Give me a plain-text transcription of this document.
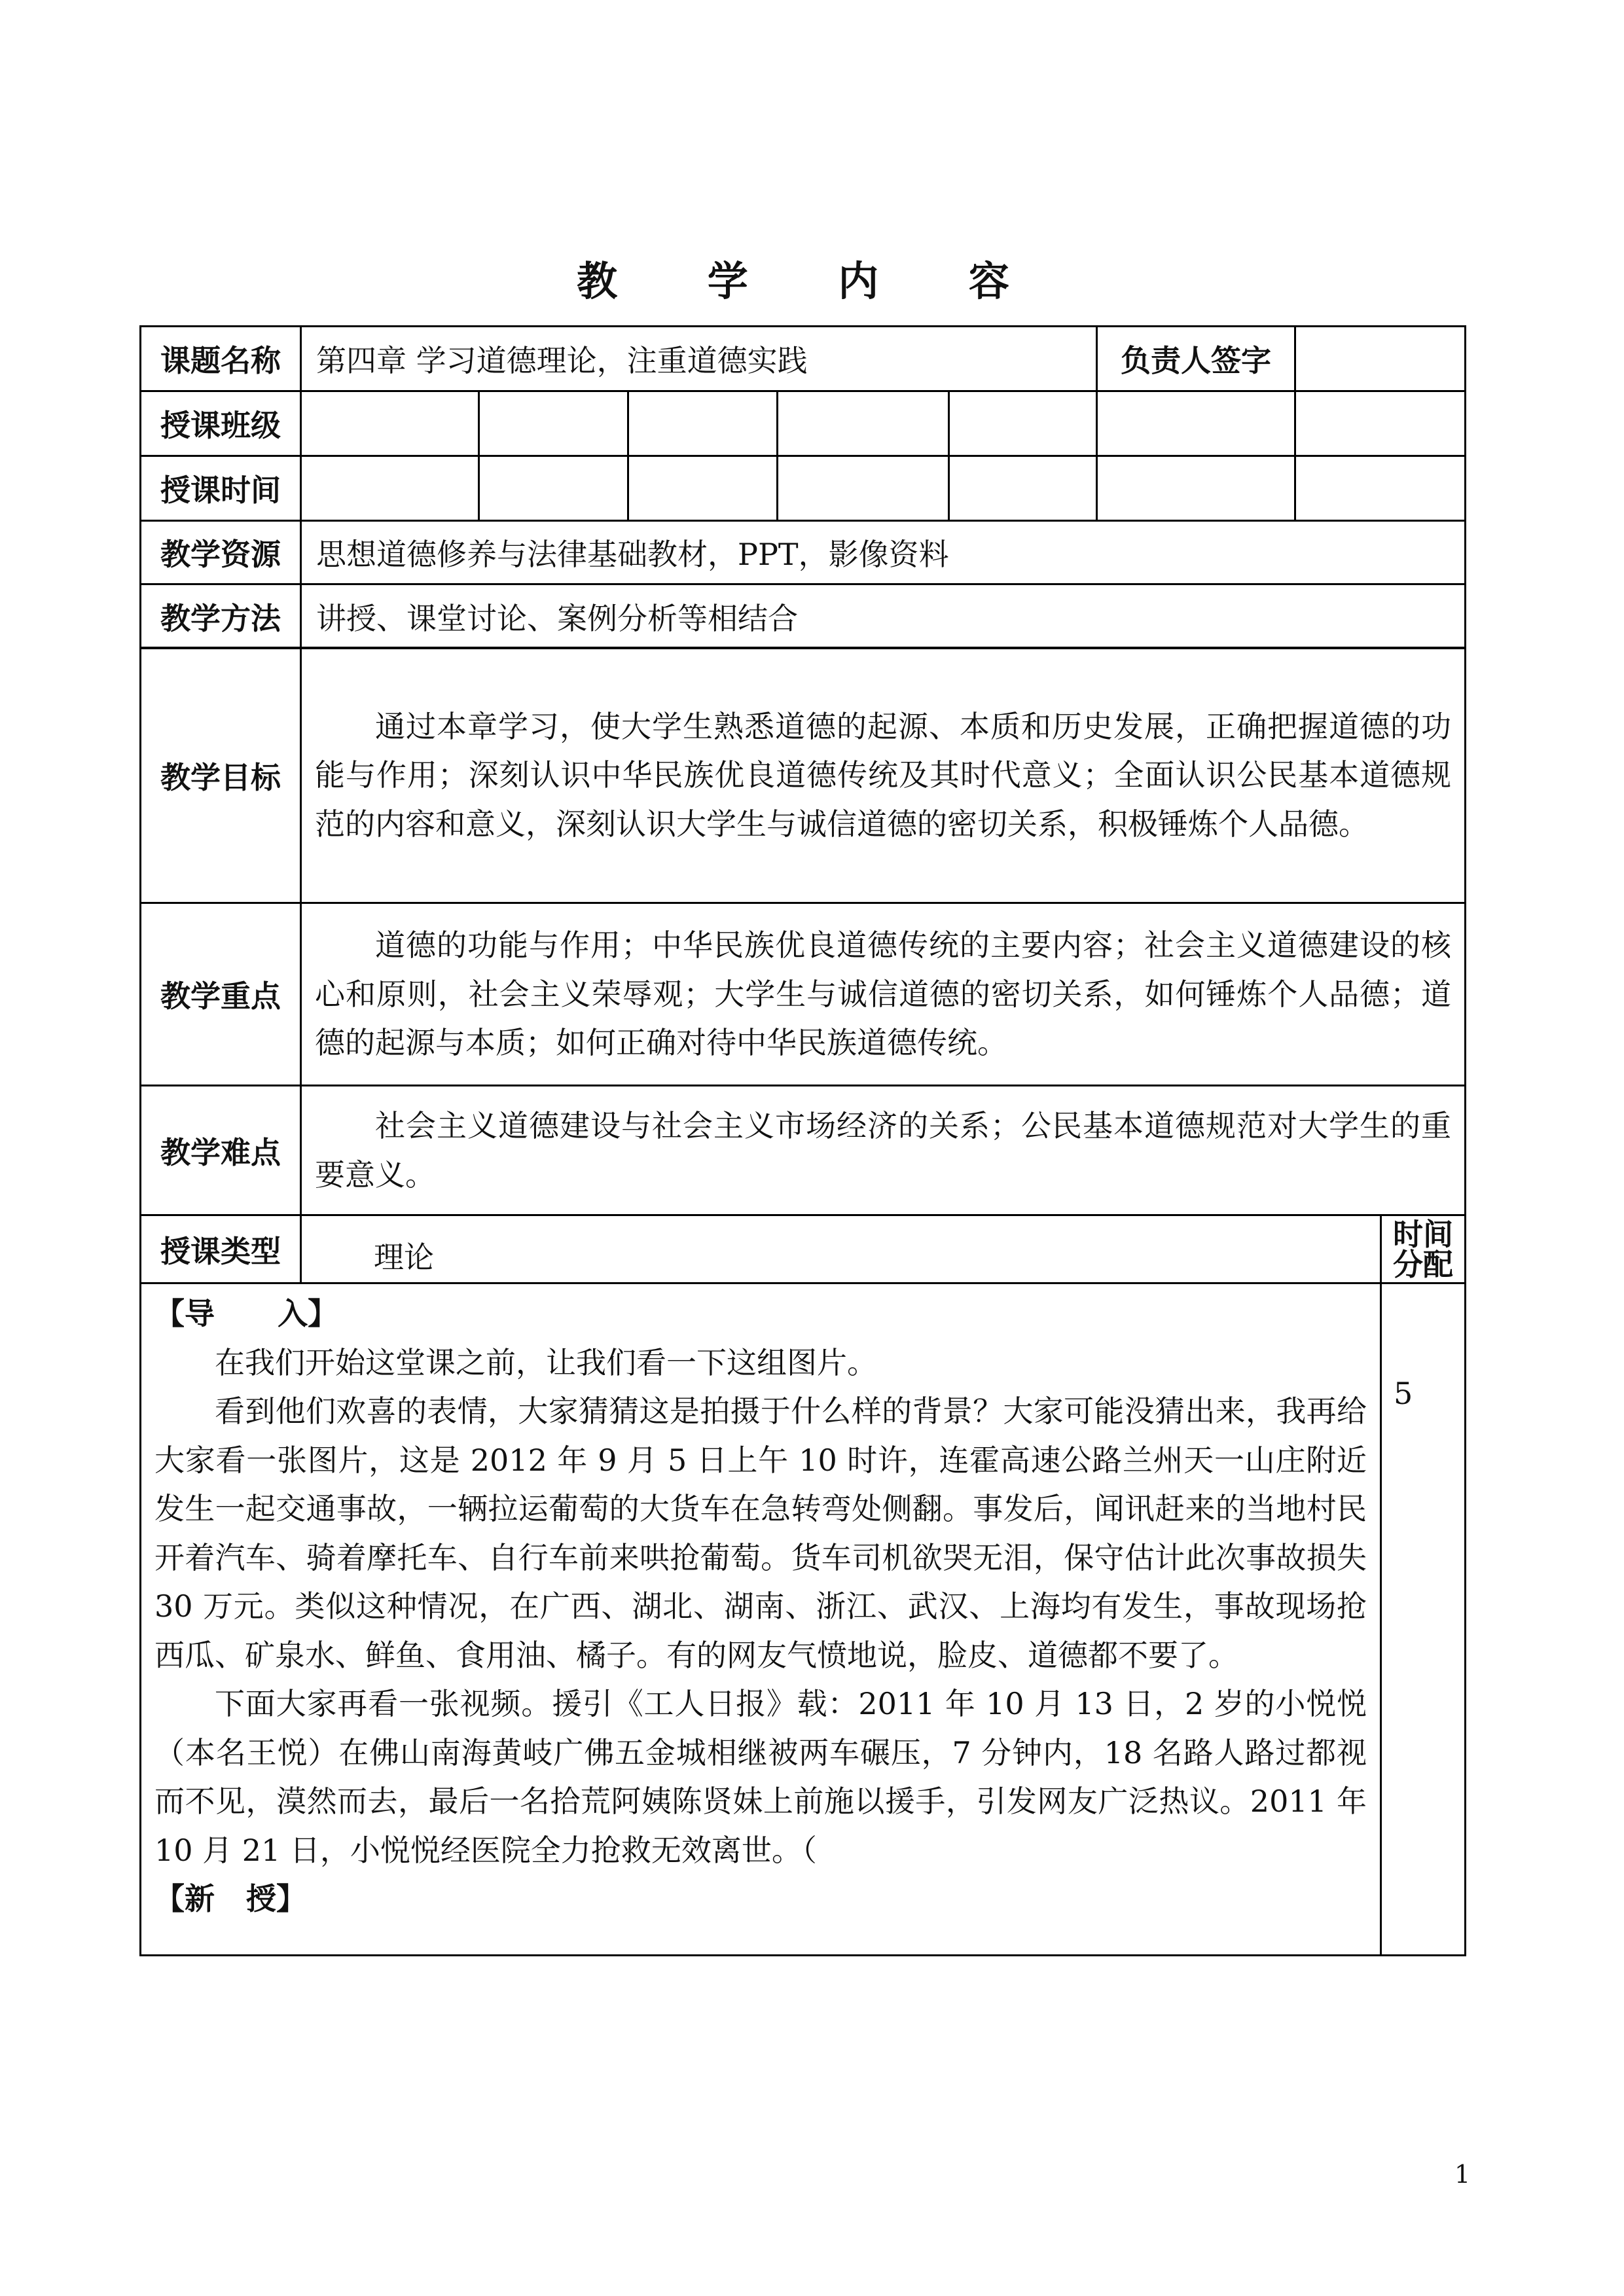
教 学 内 容
课题名称	第四章 学习道德理论，注重道德实践					负责人签字	
授课班级							
授课时间							
教学资源	思想道德修养与法律基础教材，PPT，影像资料						
教学方法	讲授、课堂讨论、案例分析等相结合						
教学目标	通过本章学习，使大学生熟悉道德的起源、本质和历史发展，正确把握道德的功能与作用；深刻认识中华民族优良道德传统及其时代意义；全面认识公民基本道德规范的内容和意义，深刻认识大学生与诚信道德的密切关系，积极锤炼个人品德。	
教学重点	道德的功能与作用；中华民族优良道德传统的主要内容；社会主义道德建设的核心和原则，社会主义荣辱观；大学生与诚信道德的密切关系，如何锤炼个人品德；道德的起源与本质；如何正确对待中华民族道德传统。	
教学难点	社会主义道德建设与社会主义市场经济的关系；公民基本道德规范对大学生的重要意义。	
授课类型	理论	时间
分配

【导      入】

在我们开始这堂课之前，让我们看一下这组图片。

看到他们欢喜的表情，大家猜猜这是拍摄于什么样的背景？大家可能没猜出来，我再给大家看一张图片，这是 2012 年 9 月 5 日上午 10 时许，连霍高速公路兰州天一山庄附近发生一起交通事故，一辆拉运葡萄的大货车在急转弯处侧翻。事发后，闻讯赶来的当地村民开着汽车、骑着摩托车、自行车前来哄抢葡萄。货车司机欲哭无泪，保守估计此次事故损失 30 万元。类似这种情况，在广西、湖北、湖南、浙江、武汉、上海均有发生，事故现场抢西瓜、矿泉水、鲜鱼、食用油、橘子。有的网友气愤地说，脸皮、道德都不要了。

下面大家再看一张视频。援引《工人日报》载：2011 年 10 月 13 日，2 岁的小悦悦（本名王悦）在佛山南海黄岐广佛五金城相继被两车碾压，7 分钟内，18 名路人路过都视而不见，漠然而去，最后一名拾荒阿姨陈贤妹上前施以援手，引发网友广泛热议。2011 年 10 月 21 日，小悦悦经医院全力抢救无效离世。（

【新   授】		5
1
